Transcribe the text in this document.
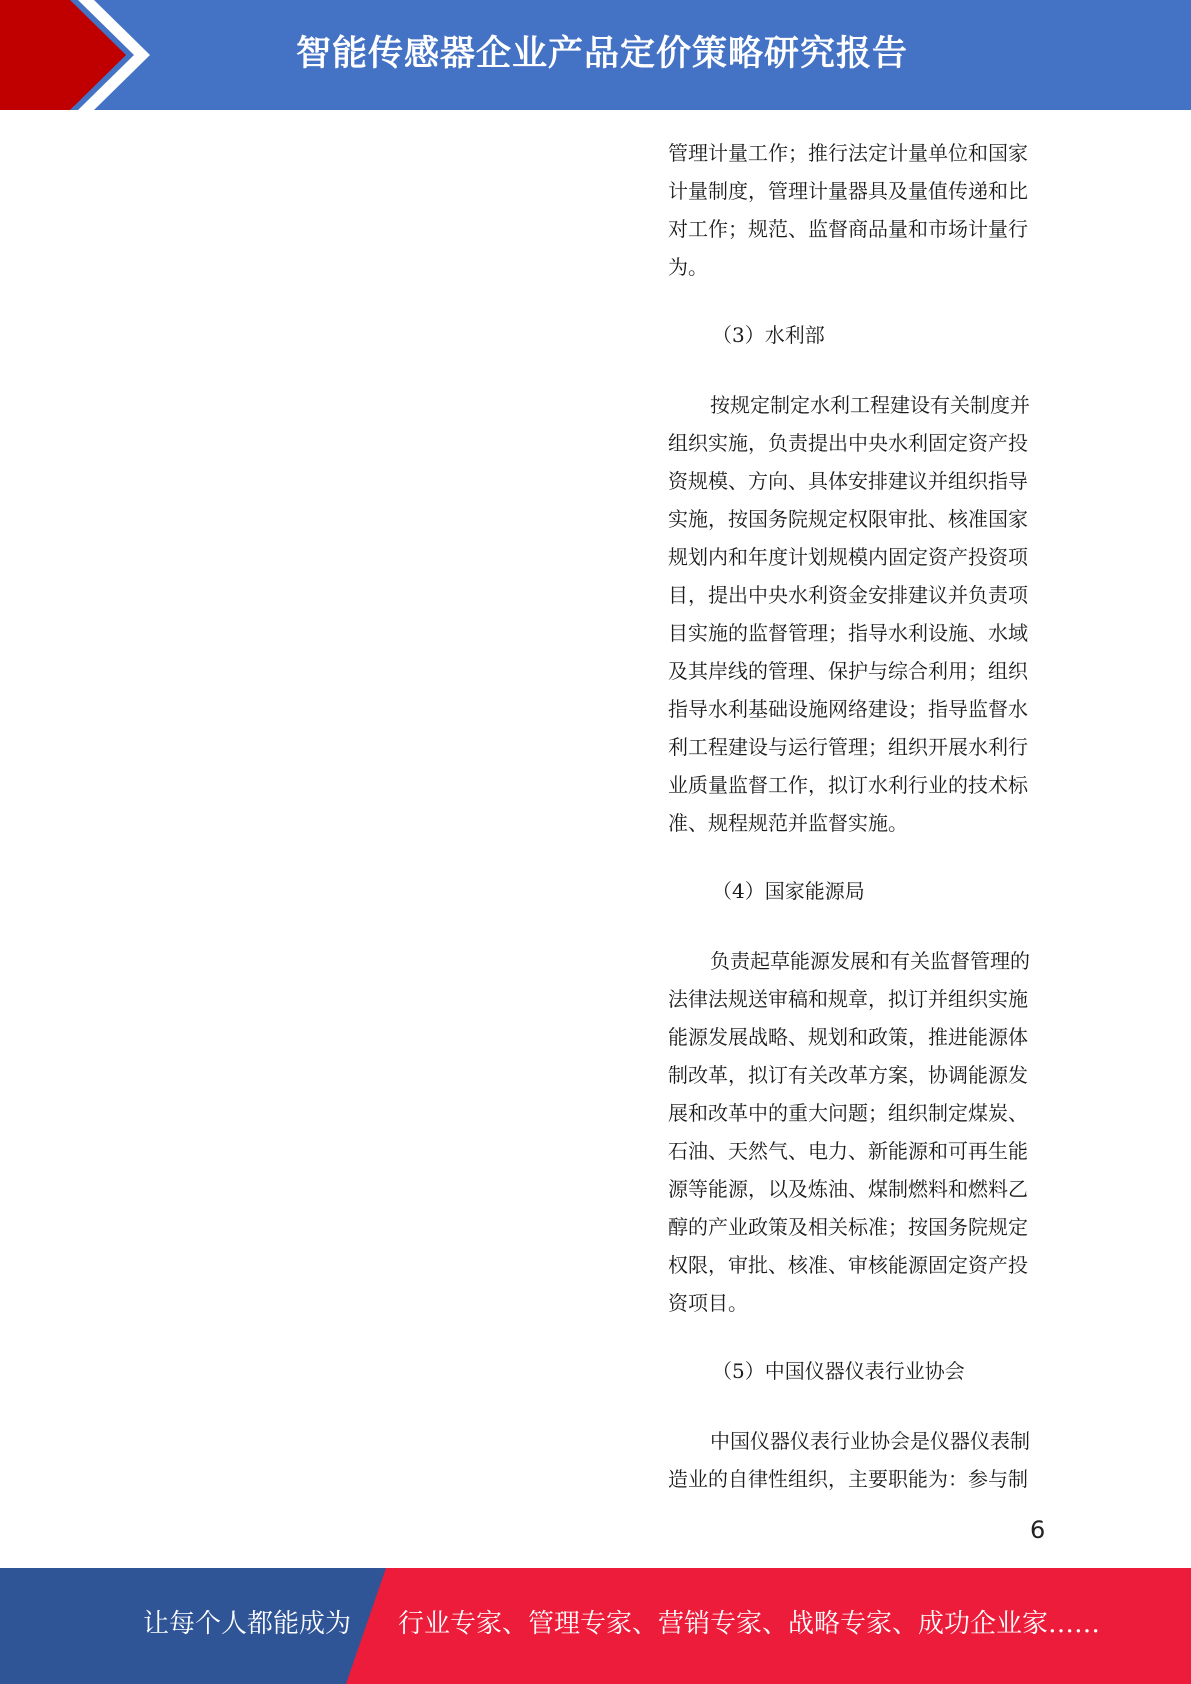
智能传感器企业产品定价策略研究报告
管理计量工作；推行法定计量单位和国家
计量制度，管理计量器具及量值传递和比
对工作；规范、监督商品量和市场计量行
为。
（3）水利部
按规定制定水利工程建设有关制度并
组织实施，负责提出中央水利固定资产投
资规模、方向、具体安排建议并组织指导
实施，按国务院规定权限审批、核准国家
规划内和年度计划规模内固定资产投资项
目，提出中央水利资金安排建议并负责项
目实施的监督管理；指导水利设施、水域
及其岸线的管理、保护与综合利用；组织
指导水利基础设施网络建设；指导监督水
利工程建设与运行管理；组织开展水利行
业质量监督工作，拟订水利行业的技术标
准、规程规范并监督实施。
（4）国家能源局
负责起草能源发展和有关监督管理的
法律法规送审稿和规章，拟订并组织实施
能源发展战略、规划和政策，推进能源体
制改革，拟订有关改革方案，协调能源发
展和改革中的重大问题；组织制定煤炭、
石油、天然气、电力、新能源和可再生能
源等能源，以及炼油、煤制燃料和燃料乙
醇的产业政策及相关标准；按国务院规定
权限，审批、核准、审核能源固定资产投
资项目。
（5）中国仪器仪表行业协会
中国仪器仪表行业协会是仪器仪表制
造业的自律性组织，主要职能为：参与制
6
让每个人都能成为 行业专家、管理专家、营销专家、战略专家、成功企业家……
